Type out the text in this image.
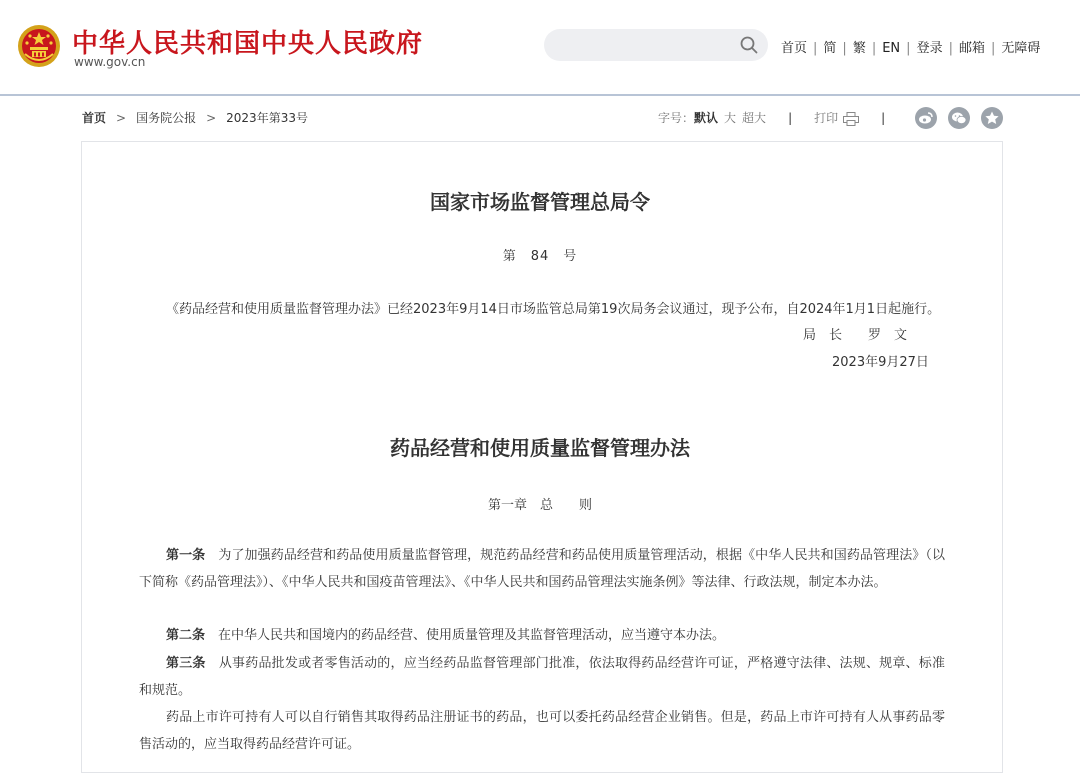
中华人民共和国中央人民政府
www.gov.cn
首页 | 简 | 繁 | EN | 登录 | 邮箱 | 无障碍
首页 > 国务院公报 > 2023年第33号	字号：默认 大 超大 | 打印	|
国家市场监督管理总局令
第　84　号

《药品经营和使用质量监督管理办法》已经2023年9月14日市场监管总局第19次局务会议通过，现予公布，自2024年1月1日起施行。

局　长　　罗　文
2023年9月27日
药品经营和使用质量监督管理办法
第一章　总　　则

第一条　为了加强药品经营和药品使用质量监督管理，规范药品经营和药品使用质量管理活动，根据《中华人民共和国药品管理法》（以下简称《药品管理法》）、《中华人民共和国疫苗管理法》、《中华人民共和国药品管理法实施条例》等法律、行政法规，制定本办法。

第二条　在中华人民共和国境内的药品经营、使用质量管理及其监督管理活动，应当遵守本办法。

第三条　从事药品批发或者零售活动的，应当经药品监督管理部门批准，依法取得药品经营许可证，严格遵守法律、法规、规章、标准和规范。

药品上市许可持有人可以自行销售其取得药品注册证书的药品，也可以委托药品经营企业销售。但是，药品上市许可持有人从事药品零售活动的，应当取得药品经营许可证。
